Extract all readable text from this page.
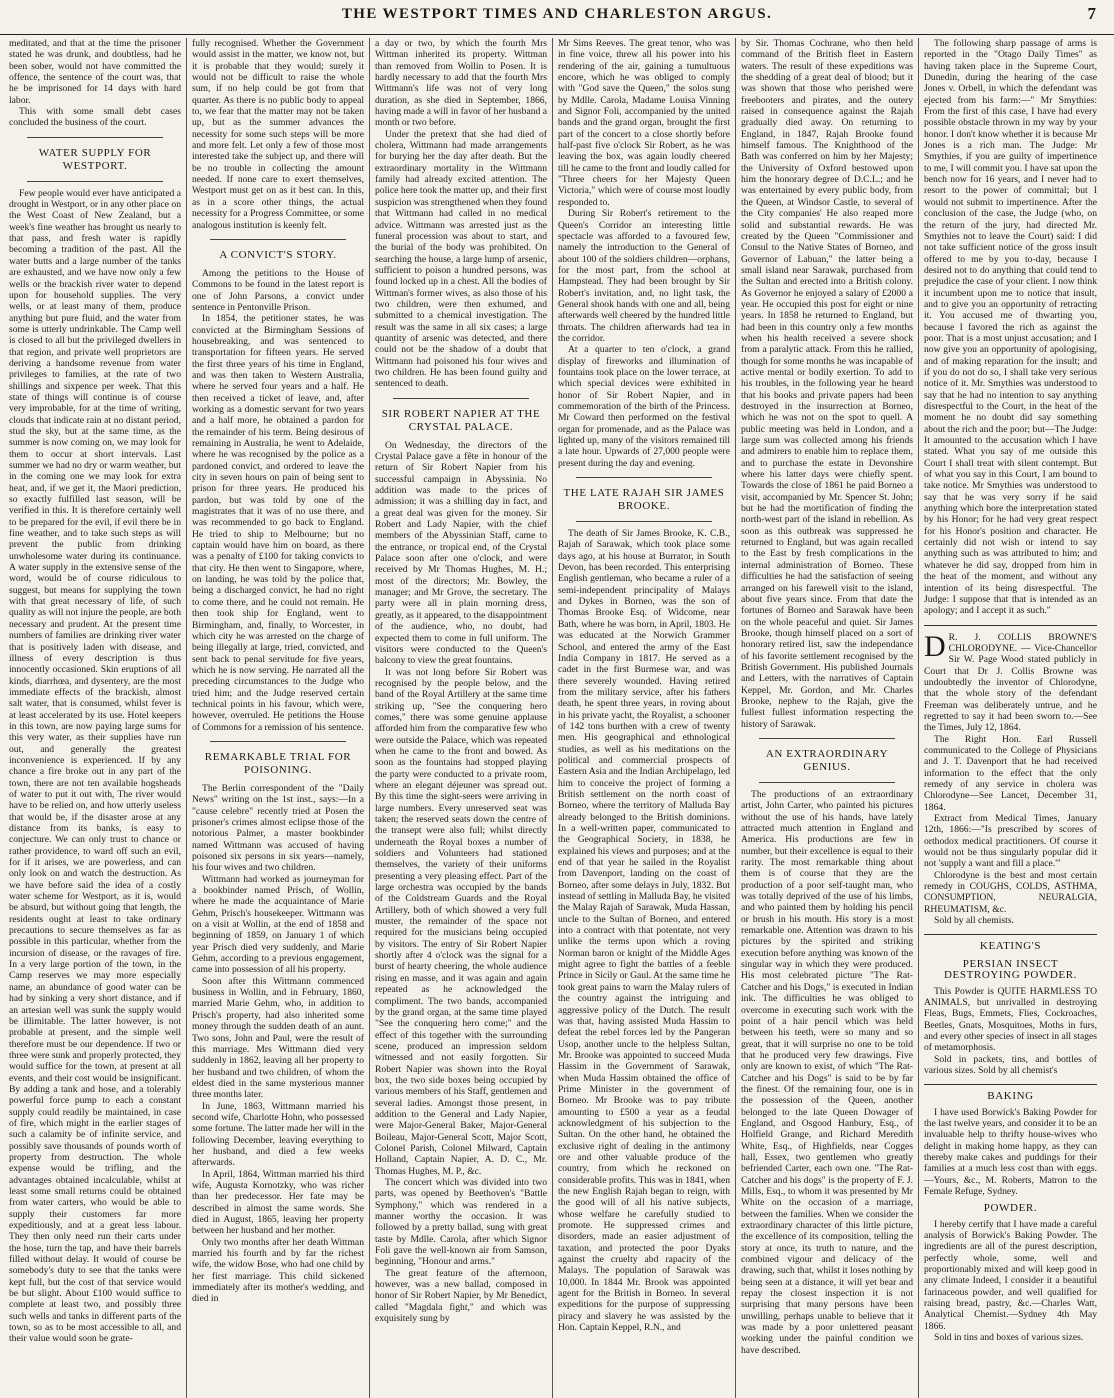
THE WESTPORT TIMES AND CHARLESTON ARGUS.	7

meditated, and that at the time the prisoner stated he was drunk, and doubtless, had he been sober, would not have committed the offence, the sentence of the court was, that he be imprisoned for 14 days with hard labor.

This with some small debt cases concluded the business of the court.

WATER SUPPLY FOR WESTPORT.

Few people would ever have anticipated a drought in Westport, or in any other place on the West Coast of New Zealand, but a week's fine weather has brought us nearly to that pass, and fresh water is rapidly becoming a tradition of the past. All the water butts and a large number of the tanks are exhausted, and we have now only a few wells or the brackish river water to depend upon for household supplies. The very wells, or at least many of them, produce anything but pure fluid, and the water from some is utterly undrinkable. The Camp well is closed to all but the privileged dwellers in that region, and private well proprietors are deriving a handsome revenue from water privileges to families, at the rate of two shillings and sixpence per week. That this state of things will continue is of course very improbable, for at the time of writing, clouds that indicate rain at no distant period, stud the sky, but at the same time, as the summer is now coming on, we may look for them to occur at short intervals. Last summer we had no dry or warm weather, but in the coming one we may look for extra heat, and, if we get it, the Maori prediction, so exactly fulfilled last season, will be verified in this. It is therefore certainly well to be prepared for the evil, if evil there be in fine weather, and to take such steps as will prevent the public from drinking unwholesome water during its continuance. A water supply in the extensive sense of the word, would be of course ridiculous to suggest, but means for supplying the town with that great necessary of life, of such quality as will not injure the people, are both necessary and prudent. At the present time numbers of families are drinking river water that is positively laden with disease, and illness of every description is thus innocently occasioned. Skin eruptions of all kinds, diarrhœa, and dysentery, are the most immediate effects of the brackish, almost salt water, that is consumed, whilst fever is at least accelerated by its use. Hotel keepers in this town, are now paying large sums for this very water, as their supplies have run out, and generally the greatest inconvenience is experienced. If by any chance a fire broke out in any part of the town, there are not ten available hogsheads of water to put it out with, The river would have to be relied on, and how utterly useless that would be, if the disaster arose at any distance from its banks, is easy to conjecture. We can only trust to chance or rather providence, to ward off such an evil, for if it arises, we are powerless, and can only look on and watch the destruction. As we have before said the idea of a costly water scheme for Westport, as it is, would be absurd, but without going that length, the residents ought at least to take ordinary precautions to secure themselves as far as possible in this particular, whether from the incursion of disease, or the ravages of fire. In a very large portion of the town, in the Camp reserves we may more especially name, an abundance of good water can be had by sinking a very short distance, and if an artesian well was sunk the supply would be illimitable. The latter however, is not probable at present, and the simple well therefore must be our dependence. If two or three were sunk and properly protected, they would suffice for the town, at present at all events, and their cost would be insignificant. By adding a tank and hose, and a tolerably powerful force pump to each a constant supply could readily be maintained, in case of fire, which might in the earlier stages of such a calamity be of infinite service, and possibly save thousands of pounds worth of property from destruction. The whole expense would be trifling, and the advantages obtained incalculable, whilst at least some small returns could be obtained from water carters, who would be able to supply their customers far more expeditiously, and at a great less labour. They then only need run their carts under the hose, turn the tap, and have their barrels filled without delay. It would of course be somebody's duty to see that the tanks were kept full, but the cost of that service would be but slight. About £100 would suffice to complete at least two, and possibly three such wells and tanks in different parts of the town, so as to be most accessible to all, and their value would soon be grate-

fully recognised. Whether the Government would assist in the matter, we know not, but it is probable that they would; surely it would not be difficult to raise the whole sum, if no help could be got from that quarter. As there is no public body to appeal to, we fear that the matter may not be taken up, but as the summer advances the necessity for some such steps will be more and more felt. Let only a few of those most interested take the subject up, and there will be no trouble in collecting the amount needed. If none care to exert themselves, Westport must get on as it best can. In this, as in a score other things, the actual necessity for a Progress Committee, or some analogous institution is keenly felt.

A CONVICT'S STORY.

Among the petitions to the House of Commons to be found in the latest report is one of John Parsons, a convict under sentence in Pentonville Prison.

In 1854, the petitioner states, he was convicted at the Birmingham Sessions of housebreaking, and was sentenced to transportation for fifteen years. He served the first three years of his time in England, and was then taken to Western Australia, where he served four years and a half. He then received a ticket of leave, and, after working as a domestic servant for two years and a half more, he obtained a pardon for the remainder of his term. Being desirous of remaining in Australia, he went to Adelaide, where he was recognised by the police as a pardoned convict, and ordered to leave the city in seven hours on pain of being sent to prison for three years. He produced his pardon, but was told by one of the magistrates that it was of no use there, and was recommended to go back to England. He tried to ship to Melbourne; but no captain would have him on board, as there was a penalty of £100 for taking convicts to that city. He then went to Singapore, where, on landing, he was told by the police that, being a discharged convict, he had no right to come there, and he could not remain. He then took ship for England, went to Birmingham, and, finally, to Worcester, in which city he was arrested on the charge of being illegally at large, tried, convicted, and sent back to penal servitude for five years, which he is now serving. He narrated all the preceding circumstances to the Judge who tried him; and the Judge reserved certain technical points in his favour, which were, however, overruled. He petitions the House of Commons for a remission of his sentence.

REMARKABLE TRIAL FOR POISONING.

The Berlin correspondent of the "Daily News" writing on the 1st inst., says:—In a "cause celebre" recently tried at Posen the prisoner's crimes almost eclipse those of the notorious Palmer, a master bookbinder named Wittmann was accused of having poisoned six persons in six years—namely, his four wives and two children.

Wittmann had worked as journeyman for a bookbinder named Prisch, of Wollin, where he made the acquaintance of Marie Gehm, Prisch's housekeeper. Wittmann was on a visit at Wollin, at the end of 1858 and beginning of 1859, on January 1 of which year Prisch died very suddenly, and Marie Gehm, according to a previous engagement, came into possession of all his property.

Soon after this Wittmann commenced business in Wollin, and in February, 1860, married Marie Gehm, who, in addition to Prisch's property, had also inherited some money through the sudden death of an aunt. Two sons, John and Paul, were the result of this marriage. Mrs Wittmann died very suddenly in 1862, leaving all her property to her husband and two children, of whom the eldest died in the same mysterious manner three months later.

In June, 1863, Wittmann married his second wife, Charlotte Hohn, who possessed some fortune. The latter made her will in the following December, leaving everything to her husband, and died a few weeks afterwards.

In April, 1864, Wittman married his third wife, Augusta Kornotzky, who was richer than her predecessor. Her fate may be described in almost the same words. She died in August, 1865, leaving her property between her husband and her mother.

Only two months after her death Wittman married his fourth and by far the richest wife, the widow Bose, who had one child by her first marriage. This child sickened immediately after its mother's wedding, and died in

a day or two, by which the fourth Mrs Wittman inherited its property. Wittman than removed from Wollin to Posen. It is hardly necessary to add that the fourth Mrs Wittmann's life was not of very long duration, as she died in September, 1866, having made a will in favor of her husband a month or two before.

Under the pretext that she had died of cholera, Wittmann had made arrangements for burying her the day after death. But the extraordinary mortality in the Wittmann family had already excited attention. The police here took the matter up, and their first suspicion was strengthened when they found that Wittmann had called in no medical advice. Wittmann was arrested just as the funeral procession was about to start, and the burial of the body was prohibited. On searching the house, a large lump of arsenic, sufficient to poison a hundred persons, was found locked up in a chest. All the bodies of Wittman's former wives, as also those of his two children, were then exhumed, and submitted to a chemical investigation. The result was the same in all six cases; a large quantity of arsenic was detected, and there could not be the shadow of a doubt that Wittmann had poisoned his four wives and two children. He has been found guilty and sentenced to death.

SIR ROBERT NAPIER AT THE CRYSTAL PALACE.

On Wednesday, the directors of the Crystal Palace gave a fête in honour of the return of Sir Robert Napier from his successful campaign in Abyssinia. No addition was made to the prices of admission; it was a shilling day in fact, and a great deal was given for the money. Sir Robert and Lady Napier, with the chief members of the Abyssinian Staff, came to the entrance, or tropical end, of the Crystal Palace soon after one o'clock, and were received by Mr Thomas Hughes, M. H.; most of the directors; Mr. Bowley, the manager; and Mr Grove, the secretary. The party were all in plain morning dress, greatly, as it appeared, to the disappointment of the audience, who, no doubt, had expected them to come in full uniform. The visitors were conducted to the Queen's balcony to view the great fountains.

It was not long before Sir Robert was recognised by the people below, and the band of the Royal Artillery at the same time striking up, "See the conquering hero comes," there was some genuine applause afforded him from the comparative few who were outside the Palace, which was repeated when he came to the front and bowed. As soon as the fountains had stopped playing the party were conducted to a private room, where an elegant déjeuner was spread out. By this time the sight-seers were arriving in large numbers. Every unreserved seat was taken; the reserved seats down the centre of the transept were also full; whilst directly underneath the Royal boxes a number of soldiers and Volunteers had stationed themselves, the variety of their uniforms presenting a very pleasing effect. Part of the large orchestra was occupied by the bands of the Coldstream Guards and the Royal Artillery, both of which showed a very full muster, the remainder of the space not required for the musicians being occupied by visitors. The entry of Sir Robert Napier shortly after 4 o'clock was the signal for a burst of hearty cheering, the whole audience rising en masse, and it was again and again repeated as he acknowledged the compliment. The two bands, accompanied by the grand organ, at the same time played "See the conquering hero come;" and the effect of this together with the surrounding scene, produced an impression seldom witnessed and not easily forgotten. Sir Robert Napier was shown into the Royal box, the two side boxes being occupied by various members of his Staff, gentlemen and several ladies. Amongst those present, in addition to the General and Lady Napier, were Major-General Baker, Major-General Boileau, Major-General Scott, Major Scott, Colonel Parish, Colonel Milward, Captain Holland, Captain Napier, A. D. C., Mr. Thomas Hughes, M. P., &c.

The concert which was divided into two parts, was opened by Beethoven's "Battle Symphony," which was rendered in a manner worthy the occasion. It was followed by a pretty ballad, sung with great taste by Mdlle. Carola, after which Signor Foli gave the well-known air from Samson, beginning, "Honour and arms."

The great feature of the afternoon, however, was a new ballad, composed in honor of Sir Robert Napier, by Mr Benedict, called "Magdala fight," and which was exquisitely sung by

Mr Sims Reeves. The great tenor, who was in fine voice, threw all his power into his rendering of the air, gaining a tumultuous encore, which he was obliged to comply with "God save the Queen," the solos sung by Mdlle. Carola, Madame Louisa Vinning and Signor Foli, accompanied by the united bands and the grand organ, brought the first part of the concert to a close shortly before half-past five o'clock Sir Robert, as he was leaving the box, was again loudly cheered till he came to the front and loudly called for "Three cheers for her Majesty Queen Victoria," which were of course most loudly responded to.

During Sir Robert's retirement to the Queen's Corridor an interesting little spectacle was afforded to a favoured few, namely the introduction to the General of about 100 of the soldiers children—orphans, for the most part, from the school at Hampstead. They had been brought by Sir Robert's invitation, and, no light task, the General shook hands with one and all, being afterwards well cheered by the hundred little throats. The children afterwards had tea in the corridor.

At a quarter to ten o'clock, a grand display of fireworks and illumination of fountains took place on the lower terrace, at which special devices were exhibited in honor of Sir Robert Napier, and in commemoration of the birth of the Princess. Mr Coward then performed on the festival organ for promenade, and as the Palace was lighted up, many of the visitors remained till a late hour. Upwards of 27,000 people were present during the day and evening.

THE LATE RAJAH SIR JAMES BROOKE.

The death of Sir James Brooke, K. C.B., Rajah of Sarawak, which took place some days ago, at his house at Burrator, in South Devon, has been recorded. This enterprising English gentleman, who became a ruler of a semi-independent principality of Malays and Dykes in Borneo, was the son of Thomas Brooke Esq. of Widcome, near Bath, where he was born, in April, 1803. He was educated at the Norwich Grammer School, and entered the army of the East India Company in 1817. He served as a cadet in the first Burmese war, and was there severely wounded. Having retired from the military service, after his fathers death, he spent three years, in roving about in his private yacht, the Royalist, a schooner of 142 tons burthen with a crew of twenty men. His geographical and ethnological studies, as well as his meditations on the political and commercial prospects of Eastern Asia and the Indian Archipelago, led him to conceive the project of forming a British settlement on the north coast of Borneo, where the territory of Malluda Bay already belonged to the British dominions. In a well-written paper, communicated to the Geographical Society, in 1838, he explained his views and purposes; and at the end of that year he sailed in the Royalist from Davenport, landing on the coast of Borneo, after some delays in July, 1832. But instead of settling in Malluda Bay, he visited the Malay Rajah of Sarawak, Muda Hassan, uncle to the Sultan of Borneo, and entered into a contract with that potentate, not very unlike the terms upon which a roving Norman baron or knight of the Middle Ages might agree to fight the battles of a feeble Prince in Sicily or Gaul. At the same time he took great pains to warn the Malay rulers of the country against the intriguing and aggressive policy of the Dutch. The result was that, having assisted Muda Hassim to defeat the rebel forces led by the Pangeran Usop, another uncle to the helpless Sultan, Mr. Brooke was appointed to succeed Muda Hassim in the Government of Sarawak, when Muda Hassim obtained the office of Prime Minister in the government of Borneo. Mr Brooke was to pay tribute amounting to £500 a year as a feudal acknowledgment of his subjection to the Sultan. On the other hand, he obtained the exclusive right of dealing in the antimony ore and other valuable produce of the country, from which he reckoned on considerable profits. This was in 1841, when the new English Rajah began to reign, with the good will of all his native subjects, whose welfare he carefully studied to promote. He suppressed crimes and disorders, made an easier adjustment of taxation, and protected the poor Dyaks against the cruelty abd rapacity of the Malays. The population of Sarawak was 10,000. In 1844 Mr. Brook was appointed agent for the British in Borneo. In several expeditions for the purpose of suppressing piracy and slavery he was assisted by the Hon. Captain Keppel, R.N., and

by Sir. Thomas Cochrane, who then held command of the British fleet in Eastern waters. The result of these expeditions was the shedding of a great deal of blood; but it was shown that those who perished were freebooters and pirates, and the outery raised in consequence against the Rajah gradually died away. On returning to England, in 1847, Rajah Brooke found himself famous. The Knighthood of the Bath was conferred on him by her Majesty; the University of Oxford bestowed upon him the honorary degree of D.C.L.; and he was entertained by every public body, from the Queen, at Windsor Castle, to several of the City companies' He also reaped more solid and substantial rewards. He was created by the Queen "Commissioner and Consul to the Native States of Borneo, and Governor of Labuan," the latter being a small island near Sarawak, purchased from the Sultan and erected into a British colony. As Governor he enjoyed a salary of £2000 a year. He occupied this post for eight or nine years. In 1858 he returned to England, but had been in this country only a few months when his health received a severe shock from a paralytic attack. From this he rallied, though for some months he was incapable of active mental or bodily exertion. To add to his troubles, in the following year he heard that his books and private papers had been destroyed in the insurrection at Borneo, which he was not on the spot to quell. A public meeting was held in London, and a large sum was collected among his friends and admirers to enable him to replace them, and to purchase the estate in Devonshire where his latter days were chiefly spent. Towards the close of 1861 he paid Borneo a visit, accompanied by Mr. Spencer St. John; but he had the mortification of finding the north-west part of the island in rebellion. As soon as this outbreak was suppressed he returned to England, but was again recalled to the East by fresh complications in the internal administration of Borneo. These difficulties he had the satisfaction of seeing arranged on his farewell visit to the island, about five years since. From that date the fortunes of Borneo and Sarawak have been on the whole peaceful and quiet. Sir James Brooke, though himself placed on a sort of honorary retired list, saw the independance of his favorite settlement recognised by the British Government. His published Journals and Letters, with the narratives of Captain Keppel, Mr. Gordon, and Mr. Charles Brooke, nephew to the Rajah, give the fullest fullest information respecting the history of Sarawak.

AN EXTRAORDINARY GENIUS.

The productions of an extraordinary artist, John Carter, who painted his pictures without the use of his hands, have lately attracted much attention in England and America. His productions are few in number, but their excellence is equal to their rarity. The most remarkable thing about them is of course that they are the production of a poor self-taught man, who was totally deprived of the use of his limbs, and who painted them by holding his pencil or brush in his mouth. His story is a most remarkable one. Attention was drawn to his pictures by the spirited and striking execution before anything was known of the singular way in which they were produced. His most celebrated picture "The Rat-Catcher and his Dogs," is executed in Indian ink. The difficulties he was obliged to overcome in executing such work with the point of a hair pencil which was held between his teeth, were so many and so great, that it will surprise no one to be told that he produced very few drawings. Five only are known to exist, of which "The Rat-Catcher and his Dogs" is said to be by far the finest. Of the remaining four, one is in the possession of the Queen, another belonged to the late Queen Dowager of England, and Osgood Hanbury, Esq., of Holfield Grange, and Richard Meredith White, Esq., of Highfields, near Cogges hall, Essex, two gentlemen who greatly befriended Carter, each own one. "The Rat-Catcher and his dogs" is the property of F. J. Mills, Esq., to whom it was presented by Mr White on the occasion of a marriage, between the families. When we consider the extraordinary character of this little picture, the excellence of its composition, telling the story at once, its truth to nature, and the combined vigour and delicacy of the drawing, such that, whilst it loses nothing by being seen at a distance, it will yet bear and repay the closest inspection it is not surprising that many persons have been unwilling, perhaps unable to believe that it was made by a poor unlettered peasant working under the painful condition we have described.

The following sharp passage of arms is reported in the "Otago Daily Times" as having taken place in the Supreme Court, Dunedin, during the hearing of the case Jones v. Orbell, in which the defendant was ejected from his farm:—" Mr Smythies: From the first of this case, I have had every possible obstacle thrown in my way by your honor. I don't know whether it is because Mr Jones is a rich man. The Judge: Mr Smythies, if you are guilty of impertinence to me, I will commit you. I have sat upon the bench now for 16 years, and I never had to resort to the power of committal; but I would not submit to impertinence. After the conclusion of the case, the Judge (who, on the return of the jury, had directed Mr. Smythies not to leave the Court) said: I did not take sufficient notice of the gross insult offered to me by you to-day, because I desired not to do anything that could tend to prejudice the case of your client. I now think it incumbent upon me to notice that insult, and to give you an opportunity of retracting it. You accused me of thwarting you, because I favored the rich as against the poor. That is a most unjust accusation; and I now give you an opportunity of apologising, and of making reparation for the insult; and if you do not do so, I shall take very serious notice of it. Mr. Smythies was understood to say that he had no intention to say anything disrespectful to the Court, in the heat of the moment he no doubt did say something about the rich and the poor; but—The Judge: It amounted to the accusation which I have stated. What you say of me outside this Court I shall treat with silent contempt. But of what you say in this Court, I am bound to take notice. Mr Smythies was understood to say that he was very sorry if he said anything which bore the interpretation stated by his Honor; for he had very great respect for his Honor's position and character. He certainly did not wish or intend to say anything such as was attributed to him; and whatever he did say, dropped from him in the heat of the moment, and without any intention of its being disrespectful. The Judge: I suppose that that is intended as an apology; and I accept it as such."

D R. J. COLLIS BROWNE'S CHLORODYNE. — Vice-Chancellor Sir W. Page Wood stated publicly in Court that Dr J. Collis Browne was undoubtedly the inventor of Chlorodyne, that the whole story of the defendant Freeman was deliberately untrue, and he regretted to say it had been sworn to.—See the Times, July 12, 1864.

The Right Hon. Earl Russell communicated to the College of Physicians and J. T. Davenport that he had received information to the effect that the only remedy of any service in cholera was Chlorodyne—See Lancet, December 31, 1864.

Extract from Medical Times, January 12th, 1866:—"Is prescribed by scores of orthodox medical practitioners. Of course it would not be thus singularly popular did it not 'supply a want and fill a place.'"

Chlorodyne is the best and most certain remedy in COUGHS, COLDS, ASTHMA, CONSUMPTION, NEURALGIA, RHEUMATISM, &c.

Sold by all chemists.

KEATING'S
PERSIAN INSECT DESTROYING POWDER.

This Powder is QUITE HARMLESS TO ANIMALS, but unrivalled in destroying Fleas, Bugs, Emmets, Flies, Cockroaches, Beetles, Gnats, Mosquitoes, Moths in furs, and every other species of insect in all stages of metamorphosis.

Sold in packets, tins, and bottles of various sizes. Sold by all chemist's

BAKING

I have used Borwick's Baking Powder for the last twelve years, and consider it to be an invaluable help to thrifty house-wives who delight in making home happy, as they can thereby make cakes and puddings for their families at a much less cost than with eggs.—Yours, &c., M. Roberts, Matron to the Female Refuge, Sydney.

POWDER.

I hereby certify that I have made a careful analysis of Borwick's Baking Powder. The ingredients are all of the purest description, perfectly whole, some, well and proportionably mixed and will keep good in any climate Indeed, I consider it a beautiful farinaceous powder, and well qualified for raising bread, pastry, &c.—Charles Watt, Analytical Chemist.—Sydney 4th May 1866.

Sold in tins and boxes of various sizes.
